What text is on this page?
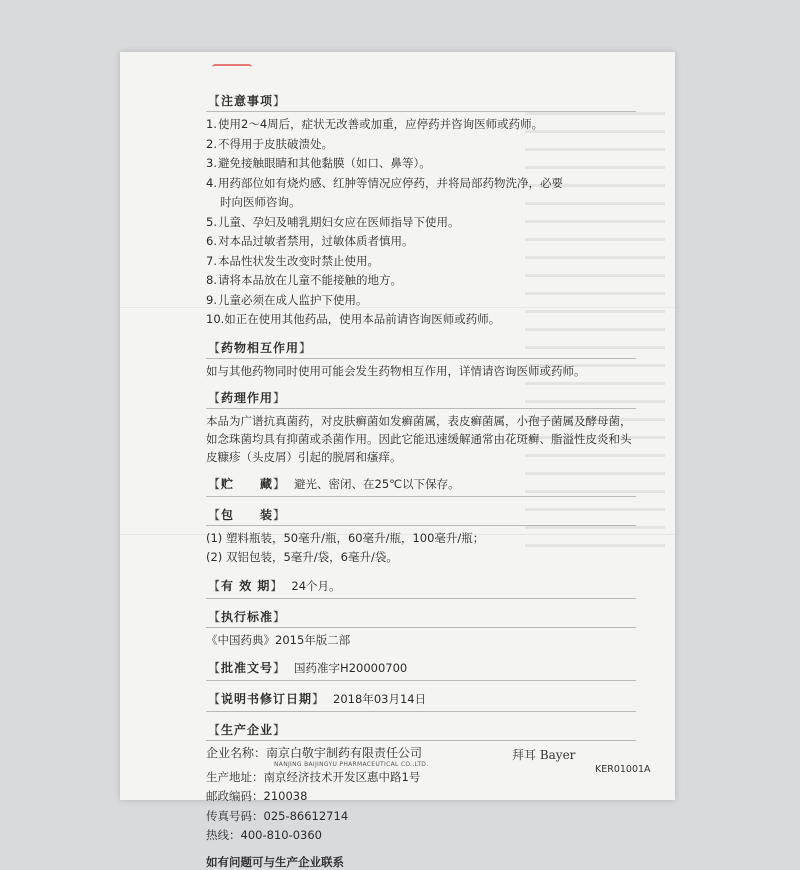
【注意事项】
1.使用2～4周后，症状无改善或加重，应停药并咨询医师或药师。
2.不得用于皮肤破溃处。
3.避免接触眼睛和其他黏膜（如口、鼻等）。
4.用药部位如有烧灼感、红肿等情况应停药，并将局部药物洗净，必要
时向医师咨询。
5.儿童、孕妇及哺乳期妇女应在医师指导下使用。
6.对本品过敏者禁用，过敏体质者慎用。
7.本品性状发生改变时禁止使用。
8.请将本品放在儿童不能接触的地方。
9.儿童必须在成人监护下使用。
10.如正在使用其他药品，使用本品前请咨询医师或药师。
【药物相互作用】
如与其他药物同时使用可能会发生药物相互作用，详情请咨询医师或药师。
【药理作用】
本品为广谱抗真菌药，对皮肤癣菌如发癣菌属，表皮癣菌属，小孢子菌属及酵母菌，如念珠菌均具有抑菌或杀菌作用。因此它能迅速缓解通常由花斑癣、脂溢性皮炎和头皮糠疹（头皮屑）引起的脱屑和瘙痒。
【贮　　藏】 避光、密闭、在25℃以下保存。
【包　　装】
(1) 塑料瓶装，50毫升/瓶，60毫升/瓶，100毫升/瓶；
(2) 双铝包装，5毫升/袋，6毫升/袋。
【有 效 期】 24个月。
【执行标准】
《中国药典》2015年版二部
【批准文号】 国药准字H20000700
【说明书修订日期】 2018年03月14日
【生产企业】
企业名称：南京白敬宇制药有限责任公司
NANJING BAIJINGYU PHARMACEUTICAL CO.,LTD.
生产地址：南京经济技术开发区惠中路1号
邮政编码：210038
传真号码：025-86612714
热线：400-810-0360
如有问题可与生产企业联系
拜耳 Bayer
KER01001A
